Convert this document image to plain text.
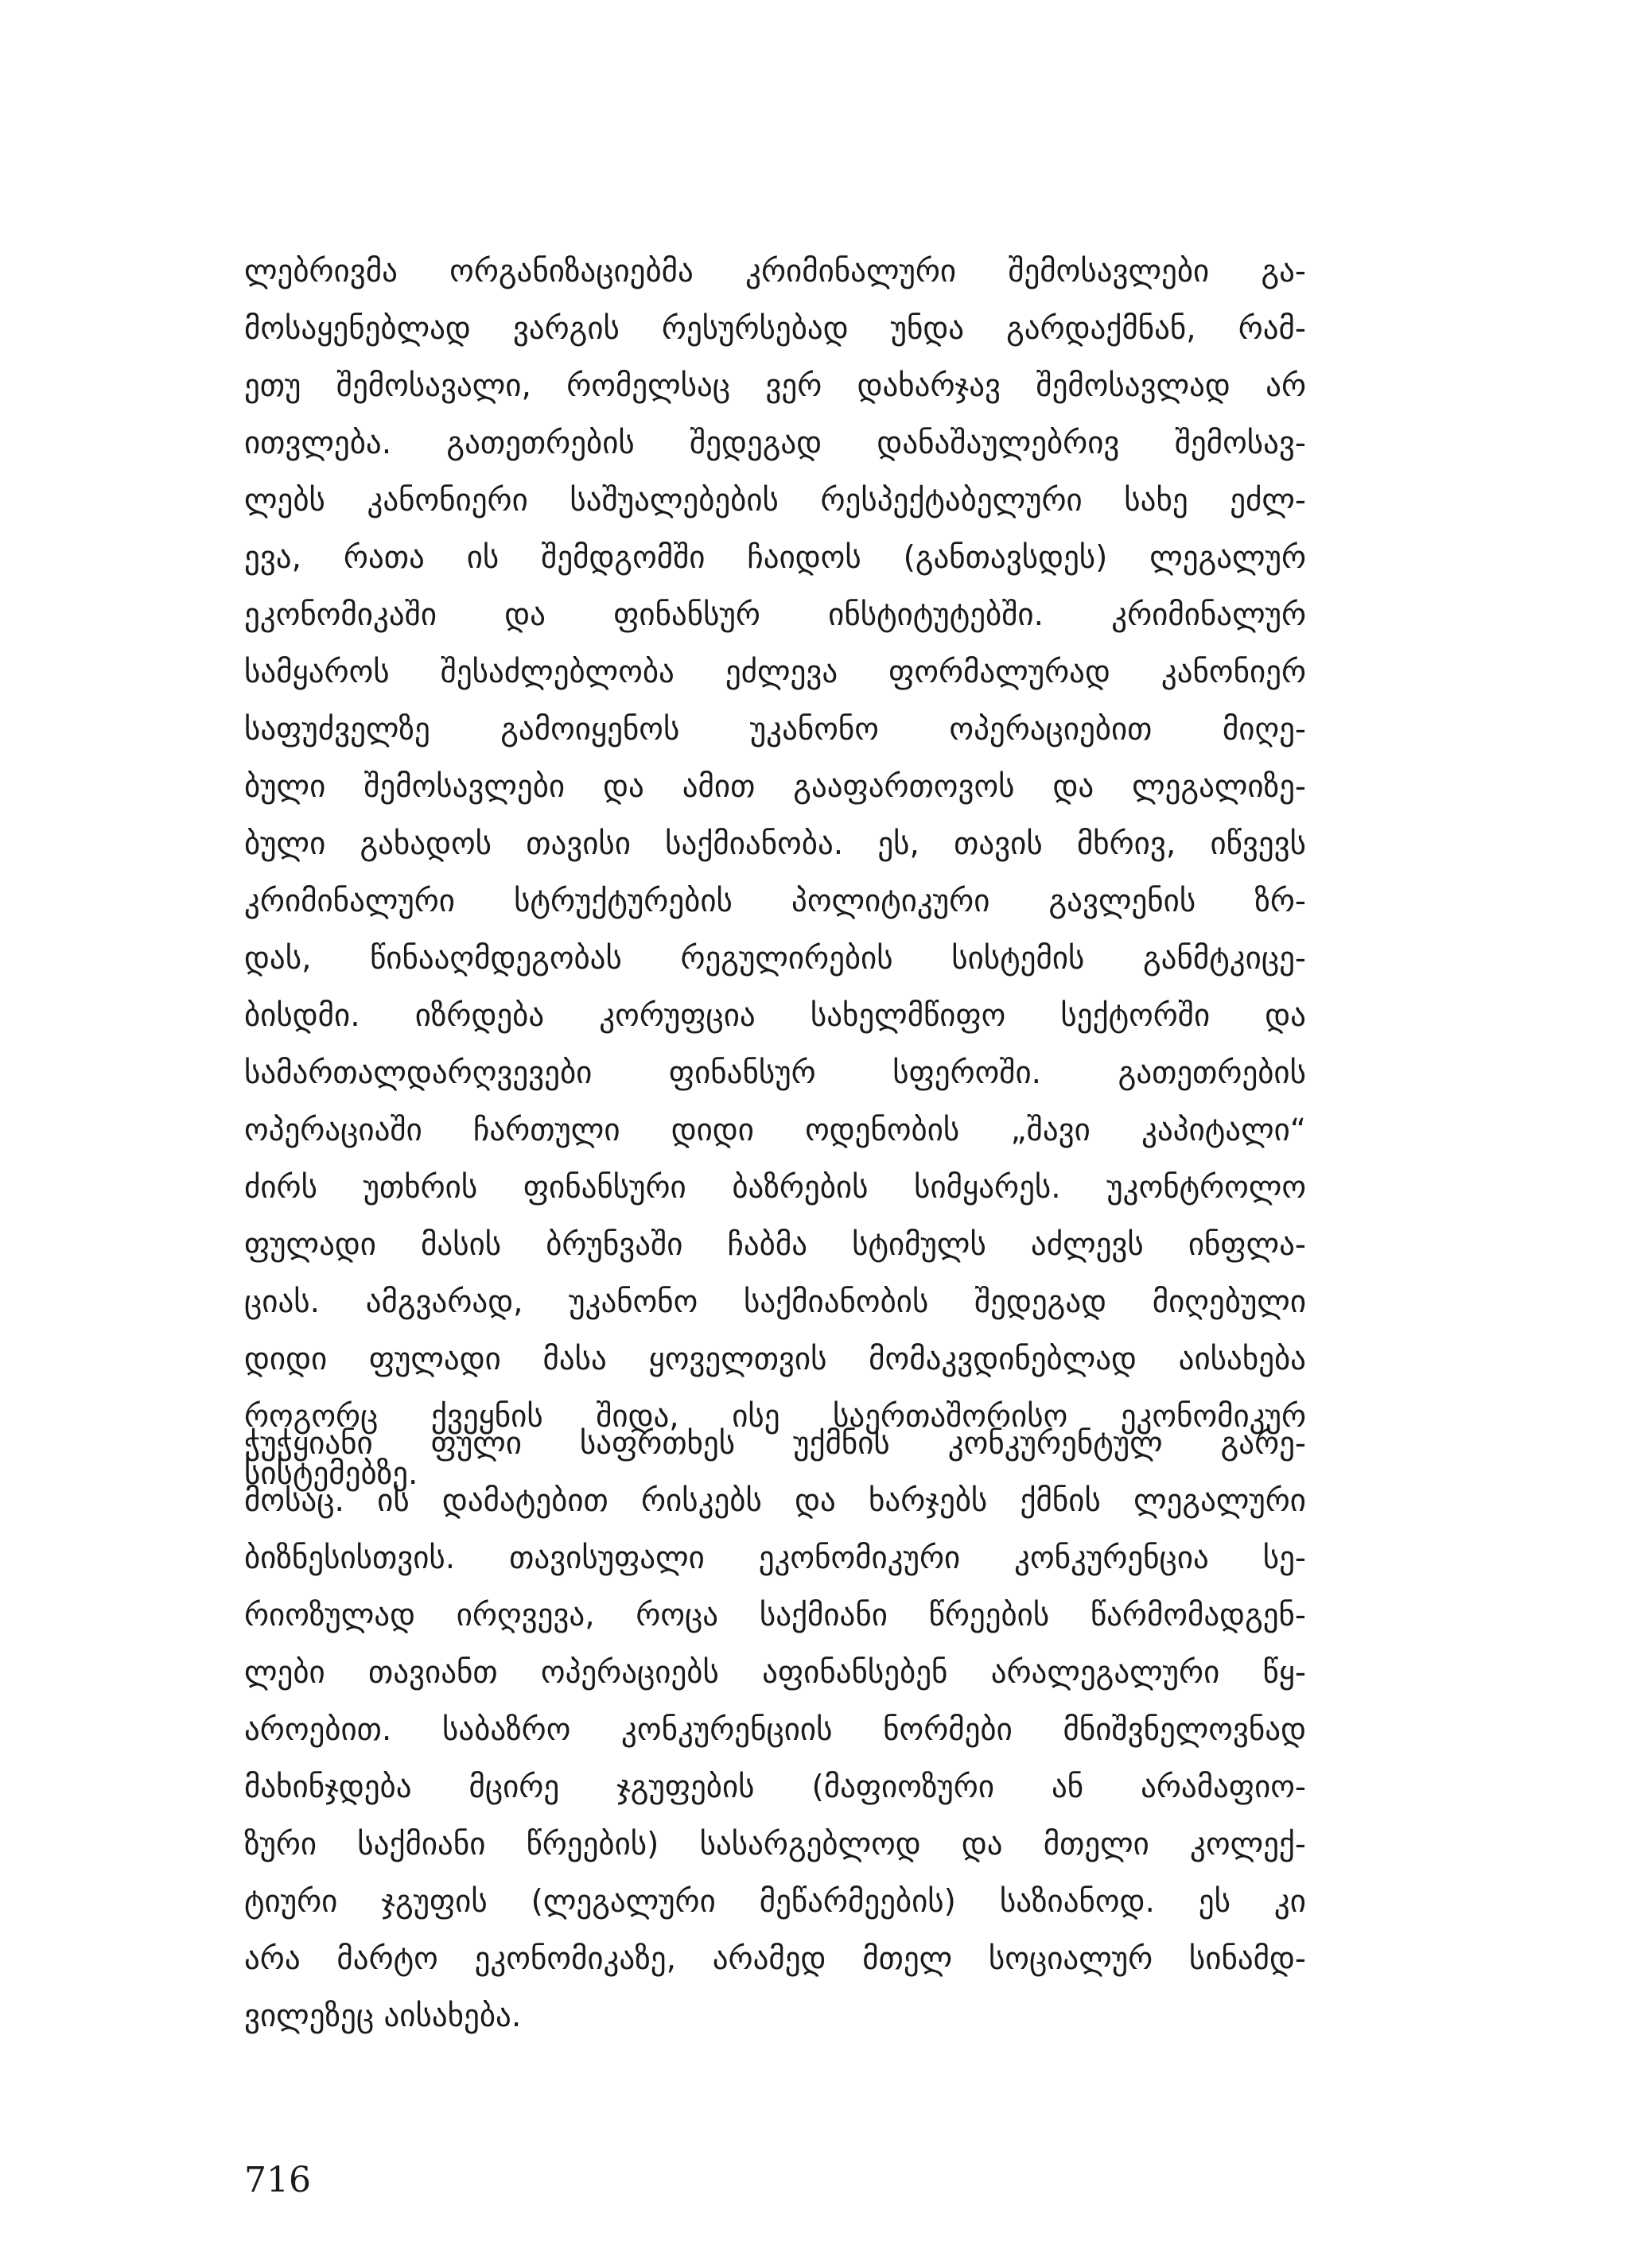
ლებრივმა ორგანიზაციებმა კრიმინალური შემოსავლები გა-
მოსაყენებლად ვარგის რესურსებად უნდა გარდაქმნან, რამ-
ეთუ შემოსავალი, რომელსაც ვერ დახარჯავ შემოსავლად არ
ითვლება. გათეთრების შედეგად დანაშაულებრივ შემოსავ-
ლებს კანონიერი საშუალებების რესპექტაბელური სახე ეძლ-
ევა, რათა ის შემდგომში ჩაიდოს (განთავსდეს) ლეგალურ
ეკონომიკაში და ფინანსურ ინსტიტუტებში. კრიმინალურ
სამყაროს შესაძლებლობა ეძლევა ფორმალურად კანონიერ
საფუძველზე გამოიყენოს უკანონო ოპერაციებით მიღე-
ბული შემოსავლები და ამით გააფართოვოს და ლეგალიზე-
ბული გახადოს თავისი საქმიანობა. ეს, თავის მხრივ, იწვევს
კრიმინალური სტრუქტურების პოლიტიკური გავლენის ზრ-
დას, წინააღმდეგობას რეგულირების სისტემის განმტკიცე-
ბისდმი. იზრდება კორუფცია სახელმწიფო სექტორში და
სამართალდარღვევები ფინანსურ სფეროში. გათეთრების
ოპერაციაში ჩართული დიდი ოდენობის „შავი კაპიტალი“
ძირს უთხრის ფინანსური ბაზრების სიმყარეს. უკონტროლო
ფულადი მასის ბრუნვაში ჩაბმა სტიმულს აძლევს ინფლა-
ციას. ამგვარად, უკანონო საქმიანობის შედეგად მიღებული
დიდი ფულადი მასა ყოველთვის მომაკვდინებლად აისახება
როგორც ქვეყნის შიდა, ისე საერთაშორისო ეკონომიკურ
სისტემებზე.
ჭუჭყიანი ფული საფრთხეს უქმნის კონკურენტულ გარე-
მოსაც. ის დამატებით რისკებს და ხარჯებს ქმნის ლეგალური
ბიზნესისთვის. თავისუფალი ეკონომიკური კონკურენცია სე-
რიოზულად ირღვევა, როცა საქმიანი წრეების წარმომადგენ-
ლები თავიანთ ოპერაციებს აფინანსებენ არალეგალური წყ-
აროებით. საბაზრო კონკურენციის ნორმები მნიშვნელოვნად
მახინჯდება მცირე ჯგუფების (მაფიოზური ან არამაფიო-
ზური საქმიანი წრეების) სასარგებლოდ და მთელი კოლექ-
ტიური ჯგუფის (ლეგალური მეწარმეების) საზიანოდ. ეს კი
არა მარტო ეკონომიკაზე, არამედ მთელ სოციალურ სინამდ-
ვილეზეც აისახება.
716
